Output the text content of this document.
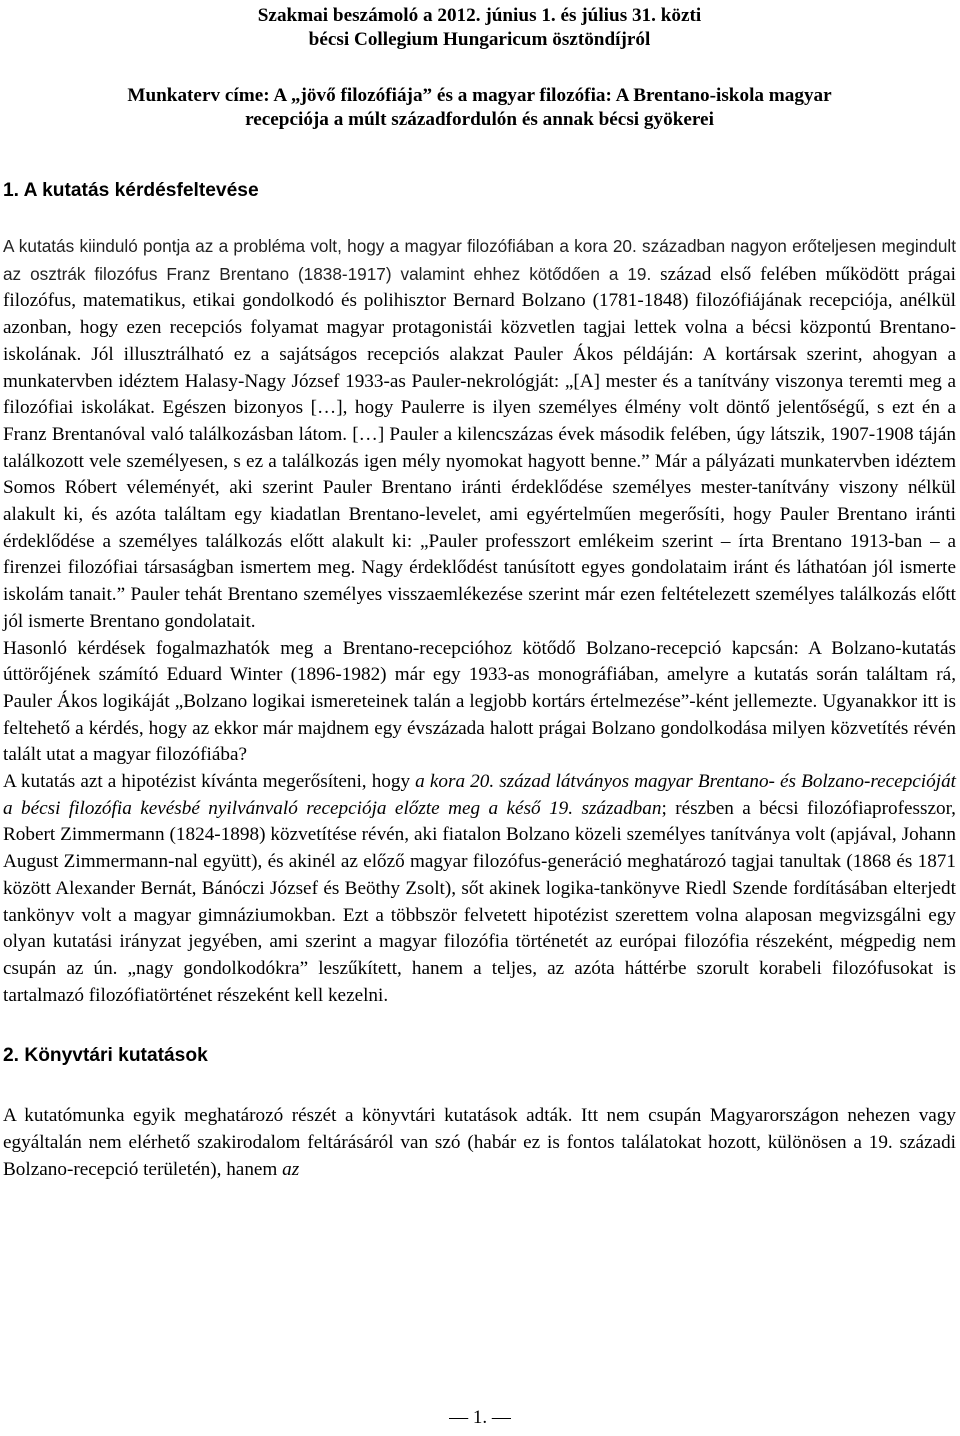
Szakmai beszámoló a 2012. június 1. és július 31. közti

bécsi Collegium Hungaricum ösztöndíjról

Munkaterv címe: A „jövő filozófiája” és a magyar filozófia: A Brentano-iskola magyar

recepciója a múlt századfordulón és annak bécsi gyökerei

1. A kutatás kérdésfeltevése

A kutatás kiinduló pontja az a probléma volt, hogy a magyar filozófiában a kora 20. században nagyon erőteljesen megindult az osztrák filozófus Franz Brentano (1838-1917) valamint ehhez kötődően a 19. század első felében működött prágai filozófus, matematikus, etikai gondolkodó és polihisztor Bernard Bolzano (1781-1848) filozófiájának recepciója, anélkül azonban, hogy ezen recepciós folyamat magyar protagonistái közvetlen tagjai lettek volna a bécsi központú Brentano-iskolának. Jól illusztrálható ez a sajátságos recepciós alakzat Pauler Ákos példáján: A kortársak szerint, ahogyan a munkatervben idéztem Halasy-Nagy József 1933-as Pauler-nekrológját: „[A] mester és a tanítvány viszonya teremti meg a filozófiai iskolákat. Egészen bizonyos […], hogy Paulerre is ilyen személyes élmény volt döntő jelentőségű, s ezt én a Franz Brentanóval való találkozásban látom. […] Pauler a kilencszázas évek második felében, úgy látszik, 1907-1908 táján találkozott vele személyesen, s ez a találkozás igen mély nyomokat hagyott benne.” Már a pályázati munkatervben idéztem Somos Róbert véleményét, aki szerint Pauler Brentano iránti érdeklődése személyes mester-tanítvány viszony nélkül alakult ki, és azóta találtam egy kiadatlan Brentano-levelet, ami egyértelműen megerősíti, hogy Pauler Brentano iránti érdeklődése a személyes találkozás előtt alakult ki: „Pauler professzort emlékeim szerint – írta Brentano 1913-ban – a firenzei filozófiai társaságban ismertem meg. Nagy érdeklődést tanúsított egyes gondolataim iránt és láthatóan jól ismerte iskolám tanait.” Pauler tehát Brentano személyes visszaemlékezése szerint már ezen feltételezett személyes találkozás előtt jól ismerte Brentano gondolatait.

Hasonló kérdések fogalmazhatók meg a Brentano-recepcióhoz kötődő Bolzano-recepció kapcsán: A Bolzano-kutatás úttörőjének számító Eduard Winter (1896-1982) már egy 1933-as monográfiában, amelyre a kutatás során találtam rá, Pauler Ákos logikáját „Bolzano logikai ismereteinek talán a legjobb kortárs értelmezése”-ként jellemezte. Ugyanakkor itt is feltehető a kérdés, hogy az ekkor már majdnem egy évszázada halott prágai Bolzano gondolkodása milyen közvetítés révén talált utat a magyar filozófiába?

A kutatás azt a hipotézist kívánta megerősíteni, hogy a kora 20. század látványos magyar Brentano- és Bolzano-recepcióját a bécsi filozófia kevésbé nyilvánvaló recepciója előzte meg a késő 19. században; részben a bécsi filozófiaprofesszor, Robert Zimmermann (1824-1898) közvetítése révén, aki fiatalon Bolzano közeli személyes tanítványa volt (apjával, Johann August Zimmermann-nal együtt), és akinél az előző magyar filozófus-generáció meghatározó tagjai tanultak (1868 és 1871 között Alexander Bernát, Bánóczi József és Beöthy Zsolt), sőt akinek logika-tankönyve Riedl Szende fordításában elterjedt tankönyv volt a magyar gimnáziumokban. Ezt a többször felvetett hipotézist szerettem volna alaposan megvizsgálni egy olyan kutatási irányzat jegyében, ami szerint a magyar filozófia történetét az európai filozófia részeként, mégpedig nem csupán az ún. „nagy gondolkodókra” leszűkített, hanem a teljes, az azóta háttérbe szorult korabeli filozófusokat is tartalmazó filozófiatörténet részeként kell kezelni.

2. Könyvtári kutatások

A kutatómunka egyik meghatározó részét a könyvtári kutatások adták. Itt nem csupán Magyarországon nehezen vagy egyáltalán nem elérhető szakirodalom feltárásáról van szó (habár ez is fontos találatokat hozott, különösen a 19. századi Bolzano-recepció területén), hanem az

— 1. —
